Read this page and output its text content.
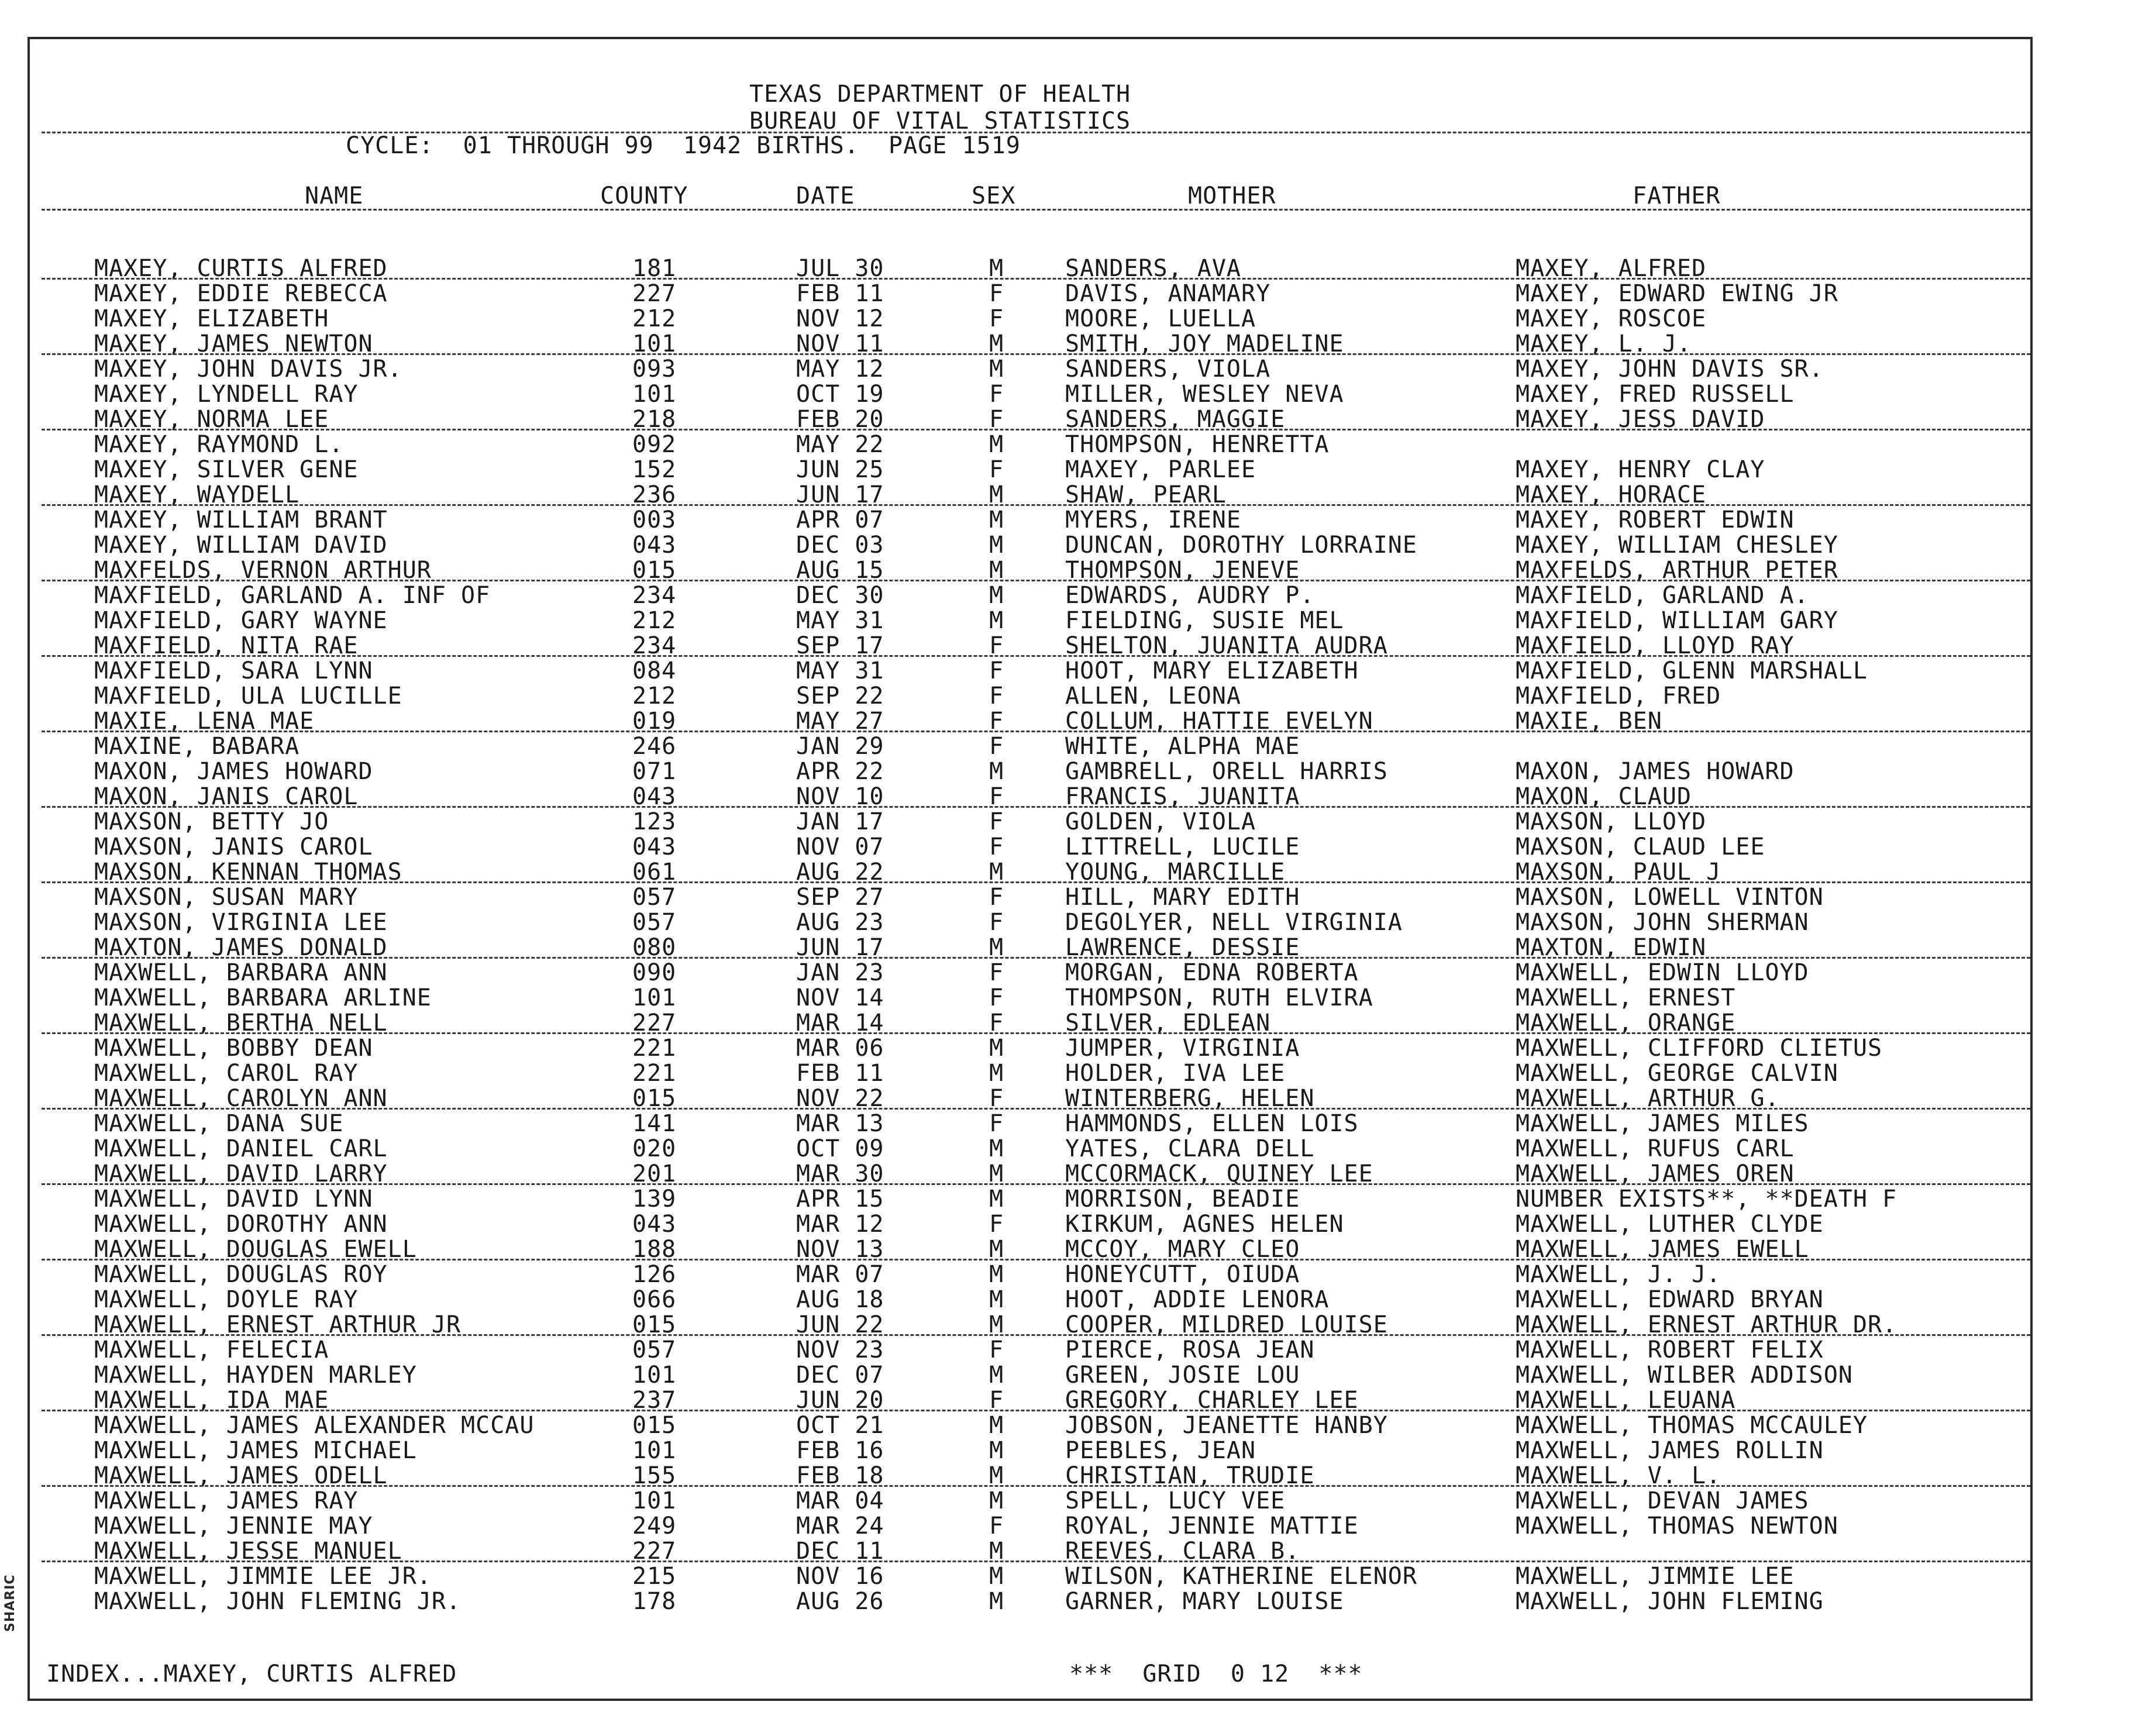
TEXAS DEPARTMENT OF HEALTH
BUREAU OF VITAL STATISTICS
CYCLE:  01 THROUGH 99  1942 BIRTHS.  PAGE 1519
NAME	COUNTY	DATE	SEX	MOTHER	FATHER
MAXEY, CURTIS ALFRED	181	JUL 30	M	SANDERS, AVA	MAXEY, ALFRED
MAXEY, EDDIE REBECCA	227	FEB 11	F	DAVIS, ANAMARY	MAXEY, EDWARD EWING JR
MAXEY, ELIZABETH	212	NOV 12	F	MOORE, LUELLA	MAXEY, ROSCOE
MAXEY, JAMES NEWTON	101	NOV 11	M	SMITH, JOY MADELINE	MAXEY, L. J.
MAXEY, JOHN DAVIS JR.	093	MAY 12	M	SANDERS, VIOLA	MAXEY, JOHN DAVIS SR.
MAXEY, LYNDELL RAY	101	OCT 19	F	MILLER, WESLEY NEVA	MAXEY, FRED RUSSELL
MAXEY, NORMA LEE	218	FEB 20	F	SANDERS, MAGGIE	MAXEY, JESS DAVID
MAXEY, RAYMOND L.	092	MAY 22	M	THOMPSON, HENRETTA
MAXEY, SILVER GENE	152	JUN 25	F	MAXEY, PARLEE	MAXEY, HENRY CLAY
MAXEY, WAYDELL	236	JUN 17	M	SHAW, PEARL	MAXEY, HORACE
MAXEY, WILLIAM BRANT	003	APR 07	M	MYERS, IRENE	MAXEY, ROBERT EDWIN
MAXEY, WILLIAM DAVID	043	DEC 03	M	DUNCAN, DOROTHY LORRAINE	MAXEY, WILLIAM CHESLEY
MAXFELDS, VERNON ARTHUR	015	AUG 15	M	THOMPSON, JENEVE	MAXFELDS, ARTHUR PETER
MAXFIELD, GARLAND A. INF OF	234	DEC 30	M	EDWARDS, AUDRY P.	MAXFIELD, GARLAND A.
MAXFIELD, GARY WAYNE	212	MAY 31	M	FIELDING, SUSIE MEL	MAXFIELD, WILLIAM GARY
MAXFIELD, NITA RAE	234	SEP 17	F	SHELTON, JUANITA AUDRA	MAXFIELD, LLOYD RAY
MAXFIELD, SARA LYNN	084	MAY 31	F	HOOT, MARY ELIZABETH	MAXFIELD, GLENN MARSHALL
MAXFIELD, ULA LUCILLE	212	SEP 22	F	ALLEN, LEONA	MAXFIELD, FRED
MAXIE, LENA MAE	019	MAY 27	F	COLLUM, HATTIE EVELYN	MAXIE, BEN
MAXINE, BABARA	246	JAN 29	F	WHITE, ALPHA MAE
MAXON, JAMES HOWARD	071	APR 22	M	GAMBRELL, ORELL HARRIS	MAXON, JAMES HOWARD
MAXON, JANIS CAROL	043	NOV 10	F	FRANCIS, JUANITA	MAXON, CLAUD
MAXSON, BETTY JO	123	JAN 17	F	GOLDEN, VIOLA	MAXSON, LLOYD
MAXSON, JANIS CAROL	043	NOV 07	F	LITTRELL, LUCILE	MAXSON, CLAUD LEE
MAXSON, KENNAN THOMAS	061	AUG 22	M	YOUNG, MARCILLE	MAXSON, PAUL J
MAXSON, SUSAN MARY	057	SEP 27	F	HILL, MARY EDITH	MAXSON, LOWELL VINTON
MAXSON, VIRGINIA LEE	057	AUG 23	F	DEGOLYER, NELL VIRGINIA	MAXSON, JOHN SHERMAN
MAXTON, JAMES DONALD	080	JUN 17	M	LAWRENCE, DESSIE	MAXTON, EDWIN
MAXWELL, BARBARA ANN	090	JAN 23	F	MORGAN, EDNA ROBERTA	MAXWELL, EDWIN LLOYD
MAXWELL, BARBARA ARLINE	101	NOV 14	F	THOMPSON, RUTH ELVIRA	MAXWELL, ERNEST
MAXWELL, BERTHA NELL	227	MAR 14	F	SILVER, EDLEAN	MAXWELL, ORANGE
MAXWELL, BOBBY DEAN	221	MAR 06	M	JUMPER, VIRGINIA	MAXWELL, CLIFFORD CLIETUS
MAXWELL, CAROL RAY	221	FEB 11	M	HOLDER, IVA LEE	MAXWELL, GEORGE CALVIN
MAXWELL, CAROLYN ANN	015	NOV 22	F	WINTERBERG, HELEN	MAXWELL, ARTHUR G.
MAXWELL, DANA SUE	141	MAR 13	F	HAMMONDS, ELLEN LOIS	MAXWELL, JAMES MILES
MAXWELL, DANIEL CARL	020	OCT 09	M	YATES, CLARA DELL	MAXWELL, RUFUS CARL
MAXWELL, DAVID LARRY	201	MAR 30	M	MCCORMACK, QUINEY LEE	MAXWELL, JAMES OREN
MAXWELL, DAVID LYNN	139	APR 15	M	MORRISON, BEADIE	NUMBER EXISTS**, **DEATH F
MAXWELL, DOROTHY ANN	043	MAR 12	F	KIRKUM, AGNES HELEN	MAXWELL, LUTHER CLYDE
MAXWELL, DOUGLAS EWELL	188	NOV 13	M	MCCOY, MARY CLEO	MAXWELL, JAMES EWELL
MAXWELL, DOUGLAS ROY	126	MAR 07	M	HONEYCUTT, OIUDA	MAXWELL, J. J.
MAXWELL, DOYLE RAY	066	AUG 18	M	HOOT, ADDIE LENORA	MAXWELL, EDWARD BRYAN
MAXWELL, ERNEST ARTHUR JR	015	JUN 22	M	COOPER, MILDRED LOUISE	MAXWELL, ERNEST ARTHUR DR.
MAXWELL, FELECIA	057	NOV 23	F	PIERCE, ROSA JEAN	MAXWELL, ROBERT FELIX
MAXWELL, HAYDEN MARLEY	101	DEC 07	M	GREEN, JOSIE LOU	MAXWELL, WILBER ADDISON
MAXWELL, IDA MAE	237	JUN 20	F	GREGORY, CHARLEY LEE	MAXWELL, LEUANA
MAXWELL, JAMES ALEXANDER MCCAU	015	OCT 21	M	JOBSON, JEANETTE HANBY	MAXWELL, THOMAS MCCAULEY
MAXWELL, JAMES MICHAEL	101	FEB 16	M	PEEBLES, JEAN	MAXWELL, JAMES ROLLIN
MAXWELL, JAMES ODELL	155	FEB 18	M	CHRISTIAN, TRUDIE	MAXWELL, V. L.
MAXWELL, JAMES RAY	101	MAR 04	M	SPELL, LUCY VEE	MAXWELL, DEVAN JAMES
MAXWELL, JENNIE MAY	249	MAR 24	F	ROYAL, JENNIE MATTIE	MAXWELL, THOMAS NEWTON
MAXWELL, JESSE MANUEL	227	DEC 11	M	REEVES, CLARA B.
MAXWELL, JIMMIE LEE JR.	215	NOV 16	M	WILSON, KATHERINE ELENOR	MAXWELL, JIMMIE LEE
MAXWELL, JOHN FLEMING JR.	178	AUG 26	M	GARNER, MARY LOUISE	MAXWELL, JOHN FLEMING
INDEX...MAXEY, CURTIS ALFRED	***  GRID  0 12  ***
SHARIC
